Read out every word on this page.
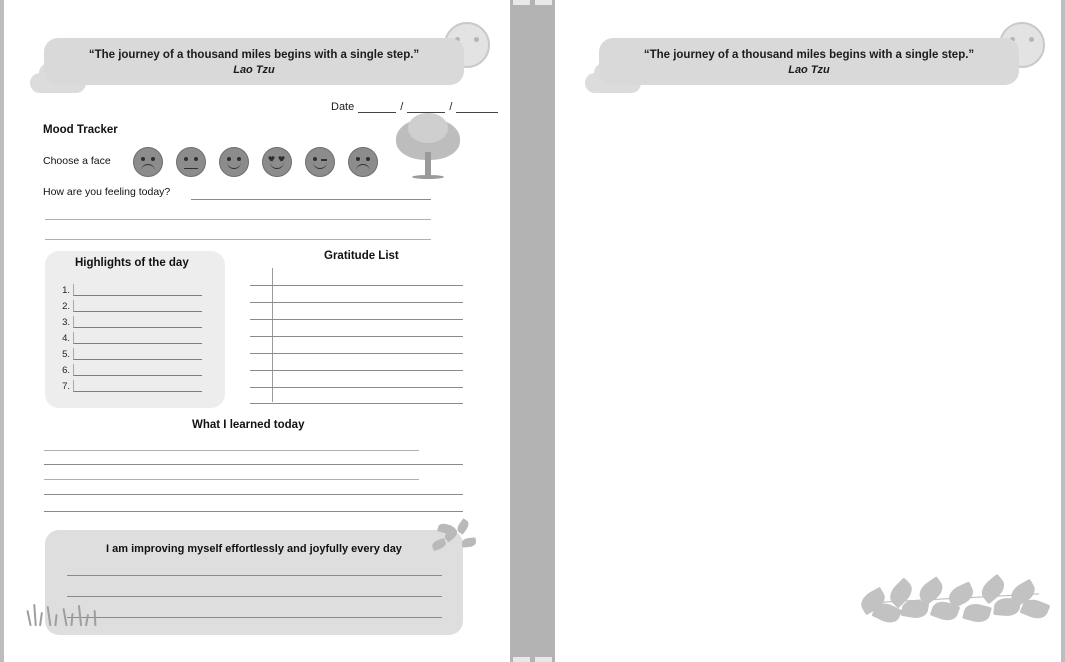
“The journey of a thousand miles begins with a single step.”
Lao Tzu
Date	/	/
Mood Tracker
Choose a face
How are you feeling today?
Highlights of the day
1.
2.
3.
4.
5.
6.
7.
Gratitude List
What I learned today
I am improving myself effortlessly and joyfully every day
“The journey of a thousand miles begins with a single step.”
Lao Tzu
